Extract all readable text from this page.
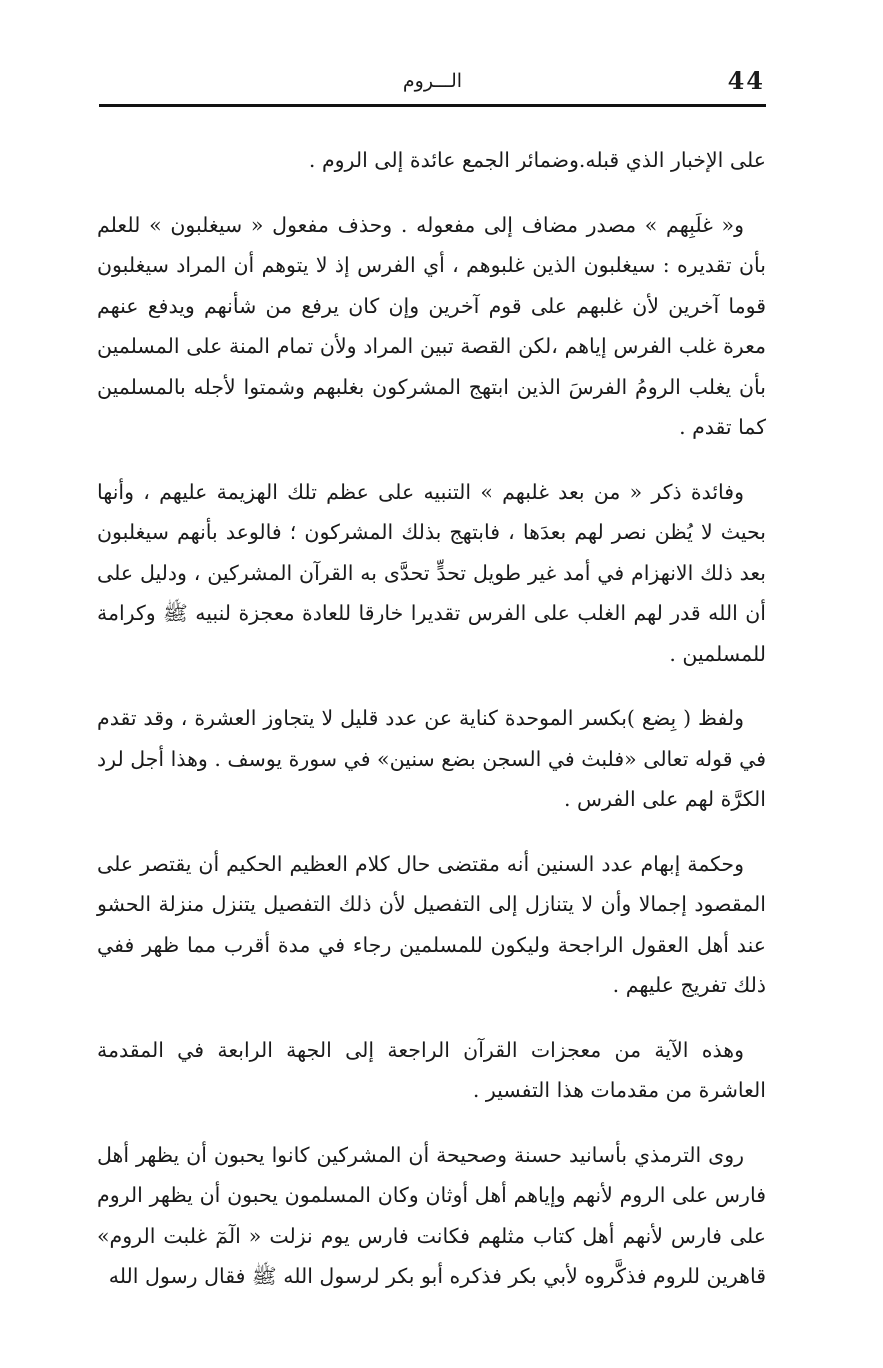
44
الـــروم

على الإخبار الذي قبله.وضمائر الجمع عائدة إلى الروم .

و« غلَبِهم » مصدر مضاف إلى مفعوله . وحذف مفعول « سيغلبون » للعلم بأن تقديره : سيغلبون الذين غلبوهم ، أي الفرس إذ لا يتوهم أن المراد سيغلبون قوما آخرين لأن غلبهم على قوم آخرين وإن كان يرفع من شأنهم ويدفع عنهم معرة غلب الفرس إياهم ،لكن القصة تبين المراد ولأن تمام المنة على المسلمين بأن يغلب الرومُ الفرسَ الذين ابتهج المشركون بغلبهم وشمتوا لأجله بالمسلمين كما تقدم .

وفائدة ذكر « من بعد غلبهم » التنبيه على عظم تلك الهزيمة عليهم ، وأنها بحيث لا يُظن نصر لهم بعدَها ، فابتهج بذلك المشركون ؛ فالوعد بأنهم سيغلبون بعد ذلك الانهزام في أمد غير طويل تحدٍّ تحدَّى به القرآن المشركين ، ودليل على أن الله قدر لهم الغلب على الفرس تقديرا خارقا للعادة معجزة لنبيه ﷺ وكرامة للمسلمين .

ولفظ ( بِضع )بكسر الموحدة كناية عن عدد قليل لا يتجاوز العشرة ، وقد تقدم في قوله تعالى «فلبث في السجن بضع سنين» في سورة يوسف . وهذا أجل لرد الكرَّة لهم على الفرس .

وحكمة إبهام عدد السنين أنه مقتضى حال كلام العظيم الحكيم أن يقتصر على المقصود إجمالا وأن لا يتنازل إلى التفصيل لأن ذلك التفصيل يتنزل منزلة الحشو عند أهل العقول الراجحة وليكون للمسلمين رجاء في مدة أقرب مما ظهر ففي ذلك تفريج عليهم .

وهذه الآية من معجزات القرآن الراجعة إلى الجهة الرابعة في المقدمة العاشرة من مقدمات هذا التفسير .

روى الترمذي بأسانيد حسنة وصحيحة أن المشركين كانوا يحبون أن يظهر أهل فارس على الروم لأنهم وإياهم أهل أوثان وكان المسلمون يحبون أن يظهر الروم على فارس لأنهم أهل كتاب مثلهم فكانت فارس يوم نزلت « الٓمٓ غلبت الروم» قاهرين للروم فذكَّروه لأبي بكر فذكره أبو بكر لرسول الله ﷺ فقال رسول الله
